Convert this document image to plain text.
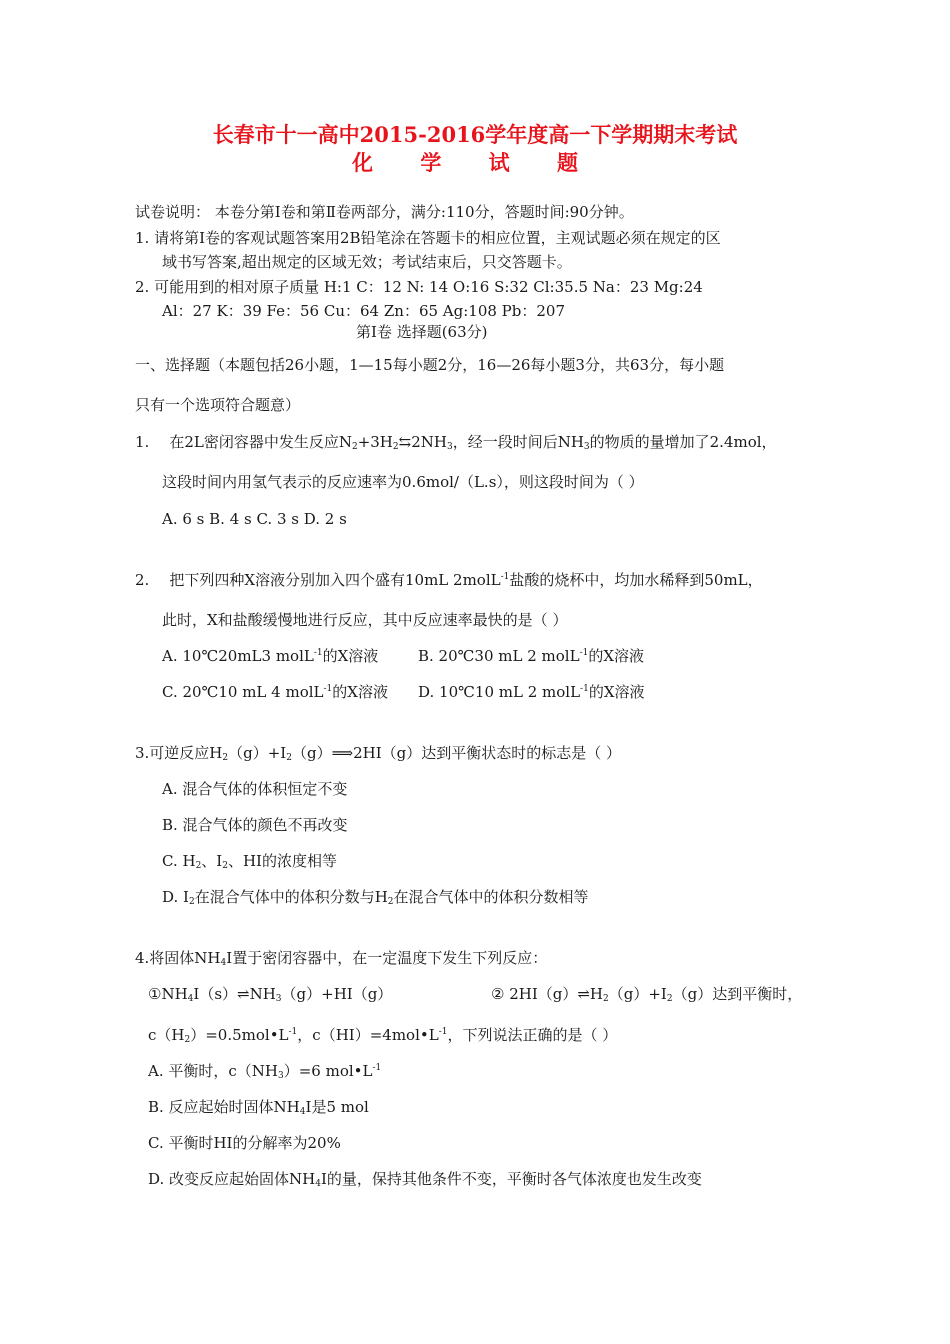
长春市十一高中2015-2016学年度高一下学期期末考试
化 学 试 题
试卷说明： 本卷分第Ⅰ卷和第Ⅱ卷两部分，满分:110分，答题时间:90分钟。
1. 请将第Ⅰ卷的客观试题答案用2B铅笔涂在答题卡的相应位置，主观试题必须在规定的区
域书写答案,超出规定的区域无效；考试结束后，只交答题卡。
2. 可能用到的相对原子质量 H:1 C：12 N: 14 O:16 S:32 Cl:35.5 Na：23 Mg:24
Al：27 K：39 Fe：56 Cu：64 Zn：65 Ag:108 Pb：207
第Ⅰ卷 选择题(63分)
一、选择题（本题包括26小题，1—15每小题2分，16—26每小题3分，共63分，每小题
只有一个选项符合题意）
1. 在2L密闭容器中发生反应$N_2+3H_2⇆2NH_3$，经一段时间后$NH_3$的物质的量增加了2.4mol，
这段时间内用氢气表示的反应速率为0.6mol/（L.s），则这段时间为（ ）
A. 6 s B. 4 s C. 3 s D. 2 s
2. 把下列四种X溶液分别加入四个盛有10mL 2molL$^{-1}$盐酸的烧杯中，均加水稀释到50mL，
此时，X和盐酸缓慢地进行反应，其中反应速率最快的是（ ）
A. 10℃20mL3 molL$^{-1}$的X溶液	B. 20℃30 mL 2 molL$^{-1}$的X溶液
C. 20℃10 mL 4 molL$^{-1}$的X溶液 D. 10℃10 mL 2 molL$^{-1}$的X溶液
3.可逆反应$H_2(g)+I_2(g)⟹2HI(g)$达到平衡状态时的标志是（ ）
A. 混合气体的体积恒定不变
B. 混合气体的颜色不再改变
C. $H_2$、$I_2$、HI的浓度相等
D. $I_2$在混合气体中的体积分数与$H_2$在混合气体中的体积分数相等
4.将固体$NH_4I$置于密闭容器中，在一定温度下发生下列反应：
$①NH_4I(s)\rightleftharpoons NH_3(g)+HI(g)$	② $2HI(g)\rightleftharpoons H_2(g)+I_2(g)$达到平衡时，
$c(H_2)=0.5mol•L^{-1}$，$c(HI)=4mol•L^{-1}$，下列说法正确的是（ ）
A. 平衡时，$c(NH_3)=6$ $mol•L^{-1}$
B. 反应起始时固体$NH_4I$是5 mol
C. 平衡时HI的分解率为20%
D. 改变反应起始固体$NH_4I$的量，保持其他条件不变，平衡时各气体浓度也发生改变
